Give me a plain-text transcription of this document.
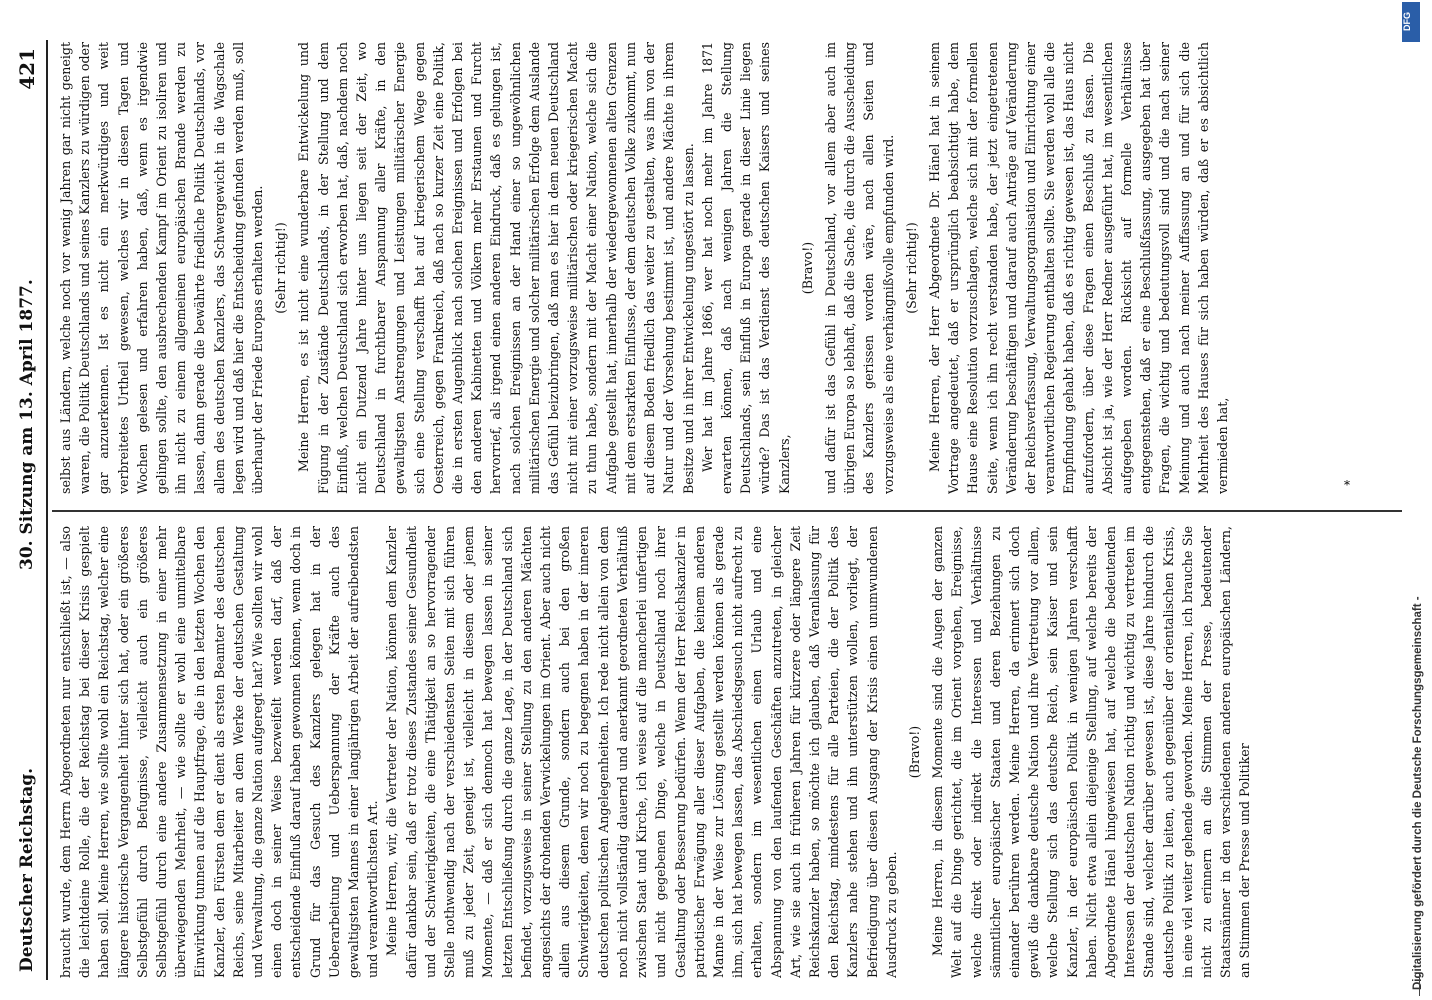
Deutscher Reichstag.
30. Sitzung am 13. April 1877.
421

braucht wurde, dem Herrn Abgeordneten nur entschließt ist, — also die leichtdeine Rolle, die der Reichstag bei dieser Krisis gespielt haben soll. Meine Herren, wie sollte wohl ein Reichstag, welcher eine längere historische Vergangenheit hinter sich hat, oder ein größeres Selbstgefühl durch Befugnisse, vielleicht auch ein größeres Selbstgefühl durch eine andere Zusammensetzung in einer mehr überwiegenden Mehrheit, — wie sollte er wohl eine unmittelbare Einwirkung tunnen auf die Hauptfrage, die in den letzten Wochen den Kanzler, den Fürsten dem er dient als ersten Beamter des deutschen Reichs, seine Mitarbeiter an dem Werke der deutschen Gestaltung und Verwaltung, die ganze Nation aufgeregt hat? Wie sollten wir wohl einen doch in seiner Weise bezweifelt werden darf, daß der entscheidende Einfluß darauf haben gewonnen können, wenn doch in Grund für das Gesuch des Kanzlers gelegen hat in der Ueberarbeitung und Ueberspannung der Kräfte auch des gewaltigsten Mannes in einer langjährigen Arbeit der aufreibendsten und verantwortlichsten Art. Meine Herren, wir, die Vertreter der Nation, können dem Kanzler dafür dankbar sein, daß er trotz dieses Zustandes seiner Gesundheit und der Schwierigkeiten, die eine Thätigkeit an so hervorragender Stelle nothwendig nach der verschiedensten Seiten mit sich führen muß zu jeder Zeit, geneigt ist, vielleicht in diesem oder jenem Momente, — daß er sich dennoch hat bewegen lassen in seiner letzten Entschließung durch die ganze Lage, in der Deutschland sich befindet, vorzugsweise in seiner Stellung zu den anderen Mächten angesichts der drohenden Verwickelungen im Orient. Aber auch nicht allein aus diesem Grunde, sondern auch bei den großen Schwierigkeiten, denen wir noch zu begegnen haben in der inneren deutschen politischen Angelegenheiten. Ich rede nicht allein von dem noch nicht vollständig dauernd und anerkannt geordneten Verhältniß zwischen Staat und Kirche, ich weise auf die mancherlei unfertigen und nicht gegebenen Dinge, welche in Deutschland noch ihrer Gestaltung oder Besserung bedürfen. Wenn der Herr Reichskanzler in patriotischer Erwägung aller dieser Aufgaben, die keinem anderen Manne in der Weise zur Lösung gestellt werden können als gerade ihm, sich hat bewegen lassen, das Abschiedsgesuch nicht aufrecht zu erhalten, sondern im wesentlichen einen Urlaub und eine Abspannung von den laufenden Geschäften anzutreten, in gleicher Art, wie sie auch in früheren Jahren für kürzere oder längere Zeit Reichskanzler haben, so möchte ich glauben, daß Veranlassung für den Reichstag, mindestens für alle Parteien, die der Politik des Kanzlers nahe stehen und ihn unterstützen wollen, vorliegt, der Befriedigung über diesen Ausgang der Krisis einen unumwundenen Ausdruck zu geben.

(Bravo!) Meine Herren, in diesem Momente sind die Augen der ganzen Welt auf die Dinge gerichtet, die im Orient vorgehen, Ereignisse, welche direkt oder indirekt die Interessen und Verhältnisse sämmtlicher europäischer Staaten und deren Beziehungen zu einander berühren werden. Meine Herren, da erinnert sich doch gewiß die dankbare deutsche Nation und ihre Vertretung vor allem, welche Stellung sich das deutsche Reich, sein Kaiser und sein Kanzler, in der europäischen Politik in wenigen Jahren verschafft haben. Nicht etwa allein diejenige Stellung, auf welche bereits der Abgeordnete Hänel hingewiesen hat, auf welche die bedeutenden Interessen der deutschen Nation richtig und wichtig zu vertreten im Stande sind, welcher darüber gewesen ist, diese Jahre hindurch die deutsche Politik zu leiten, auch gegenüber der orientalischen Krisis, in eine viel weiter gehende geworden. Meine Herren, ich brauche Sie nicht zu erinnern an die Stimmen der Presse, bedeutender Staatsmänner in den verschiedenen anderen europäischen Ländern, an Stimmen der Presse und Politiker

selbst aus Ländern, welche noch vor wenig Jahren gar nicht geneigt waren, die Politik Deutschlands und seines Kanzlers zu würdigen oder gar anzuerkennen. Ist es nicht ein merkwürdiges und weit verbreitetes Urtheil gewesen, welches wir in diesen Tagen und Wochen gelesen und erfahren haben, daß, wenn es irgendwie gelingen sollte, den ausbrechenden Kampf im Orient zu isoliren und ihn nicht zu einem allgemeinen europäischen Brande werden zu lassen, dann gerade die bewährte friedliche Politik Deutschlands, vor allem des deutschen Kanzlers, das Schwergewicht in die Wagschale legen wird und daß hier die Entscheidung gefunden werden muß, soll überhaupt der Friede Europas erhalten werden. (Sehr richtig!) Meine Herren, es ist nicht eine wunderbare Entwickelung und Fügung in der Zustände Deutschlands, in der Stellung und dem Einfluß, welchen Deutschland sich erworben hat, daß, nachdem noch nicht ein Dutzend Jahre hinter uns liegen seit der Zeit, wo Deutschland in furchtbarer Anspannung aller Kräfte, in den gewaltigsten Anstrengungen und Leistungen militärischer Energie sich eine Stellung verschafft hat auf kriegerischem Wege gegen Oesterreich, gegen Frankreich, daß nach so kurzer Zeit eine Politik, die in ersten Augenblick nach solchen Ereignissen und Erfolgen bei den anderen Kabinetten und Völkern mehr Erstaunen und Furcht hervorrief, als irgend einen anderen Eindruck, daß es gelungen ist, nach solchen Ereignissen an der Hand einer so ungewöhnlichen militärischen Energie und solcher militärischen Erfolge dem Auslande das Gefühl beizubringen, daß man es hier in dem neuen Deutschland nicht mit einer vorzugsweise militärischen oder kriegerischen Macht zu thun habe, sondern mit der Macht einer Nation, welche sich die Aufgabe gestellt hat, innerhalb der wiedergewonnenen alten Grenzen mit dem erstarkten Einflusse, der dem deutschen Volke zukommt, nun auf diesem Boden friedlich das weiter zu gestalten, was ihm von der Natur und der Vorsehung bestimmt ist, und andere Mächte in ihrem Besitze und in ihrer Entwickelung ungestört zu lassen. Wer hat im Jahre 1866, wer hat noch mehr im Jahre 1871 erwarten können, daß nach wenigen Jahren die Stellung Deutschlands, sein Einfluß in Europa gerade in dieser Linie liegen würde? Das ist das Verdienst des deutschen Kaisers und seines Kanzlers,

(Bravo!) und dafür ist das Gefühl in Deutschland, vor allem aber auch im übrigen Europa so lebhaft, daß die Sache, die durch die Ausscheidung des Kanzlers gerissen worden wäre, nach allen Seiten und vorzugsweise als eine verhängnißvolle empfunden wird. (Sehr richtig!) Meine Herren, der Herr Abgeordnete Dr. Hänel hat in seinem Vortrage angedeutet, daß er ursprünglich beabsichtigt habe, dem Hause eine Resolution vorzuschlagen, welche sich mit der formellen Seite, wenn ich ihn recht verstanden habe, der jetzt eingetretenen Veränderung beschäftigen und darauf auch Anträge auf Veränderung der Reichsverfassung, Verwaltungsorganisation und Einrichtung einer verantwortlichen Regierung enthalten sollte. Sie werden wohl alle die Empfindung gehabt haben, daß es richtig gewesen ist, das Haus nicht aufzufordern, über diese Fragen einen Beschluß zu fassen. Die Absicht ist ja, wie der Herr Redner ausgeführt hat, im wesentlichen aufgegeben worden. Rücksicht auf formelle Verhältnisse entgegenstehen, daß er eine Beschlußfassung, ausgegeben hat über Fragen, die wichtig und bedeutungsvoll sind und die nach seiner Meinung und auch nach meiner Auffassung an und für sich die Mehrheit des Hauses für sich haben würden, daß er es absichtlich vermieden hat,	*
Digitalisierung gefördert durch die Deutsche Forschungsgemeinschaft -
DFG
